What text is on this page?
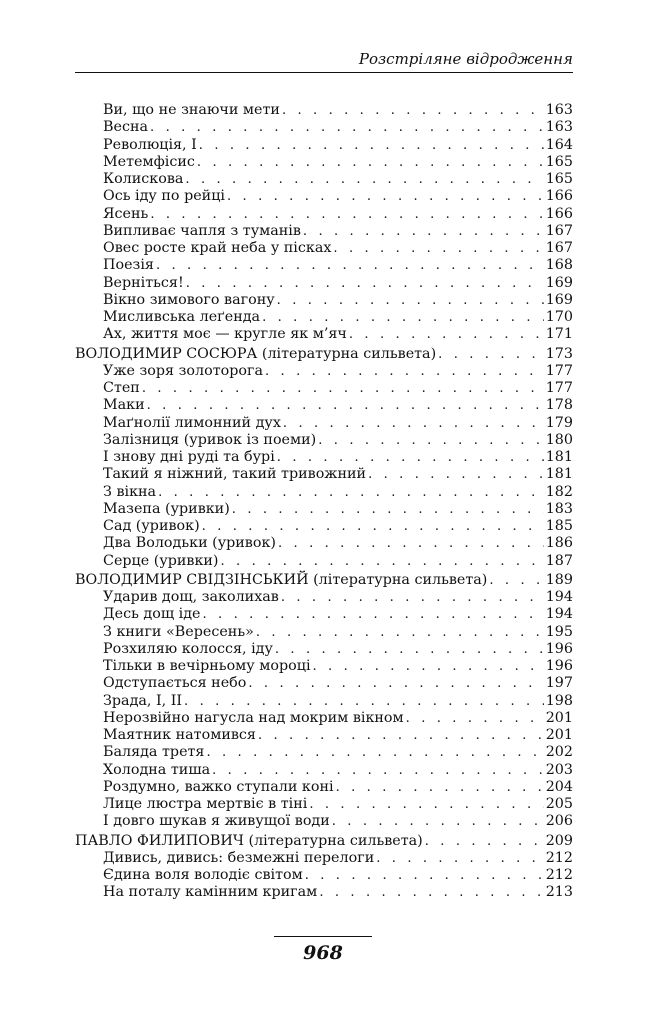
Розстріляне відродження
Ви, що не знаючи мети . . .	163
Весна . . .	163
Революція, І . . .	164
Метемфісис . . .	165
Колискова . . .	165
Ось іду по рейці . . .	166
Ясень . . .	166
Випливає чапля з туманів . . .	167
Овес росте край неба у пісках . . .	167
Поезія . . .	168
Верніться! . . .	169
Вікно зимового вагону . . .	169
Мисливська леґенда . . .	170
Ах, життя моє — кругле як м’яч . . .	171
ВОЛОДИМИР СОСЮРА (літературна сильвета) . . .	173
Уже зоря золоторога . . .	177
Степ . . .	177
Маки . . .	178
Маґнолії лимонний дух . . .	179
Залізниця (уривок із поеми) . . .	180
І знову дні руді та бурі . . .	181
Такий я ніжний, такий тривожний . . .	181
З вікна . . .	182
Мазепа (уривки) . . .	183
Сад (уривок) . . .	185
Два Володьки (уривок) . . .	186
Серце (уривки) . . .	187
ВОЛОДИМИР СВІДЗІНСЬКИЙ (літературна сильвета) . . .	189
Ударив дощ, заколихав . . .	194
Десь дощ іде . . .	194
З книги «Вересень» . . .	195
Розхиляю колосся, іду . . .	196
Тільки в вечірньому мороці . . .	196
Одступається небо . . .	197
Зрада, І, ІІ . . .	198
Нерозвійно нагусла над мокрим вікном . . .	201
Маятник натомився . . .	201
Баляда третя . . .	202
Холодна тиша . . .	203
Роздумно, важко ступали коні . . .	204
Лице люстра мертвіє в тіні . . .	205
І довго шукав я живущої води . . .	206
ПАВЛО ФИЛИПОВИЧ (літературна сильвета) . . .	209
Дивись, дивись: безмежні перелоги . . .	212
Єдина воля володіє світом . . .	212
На поталу камінним кригам . . .	213
968
